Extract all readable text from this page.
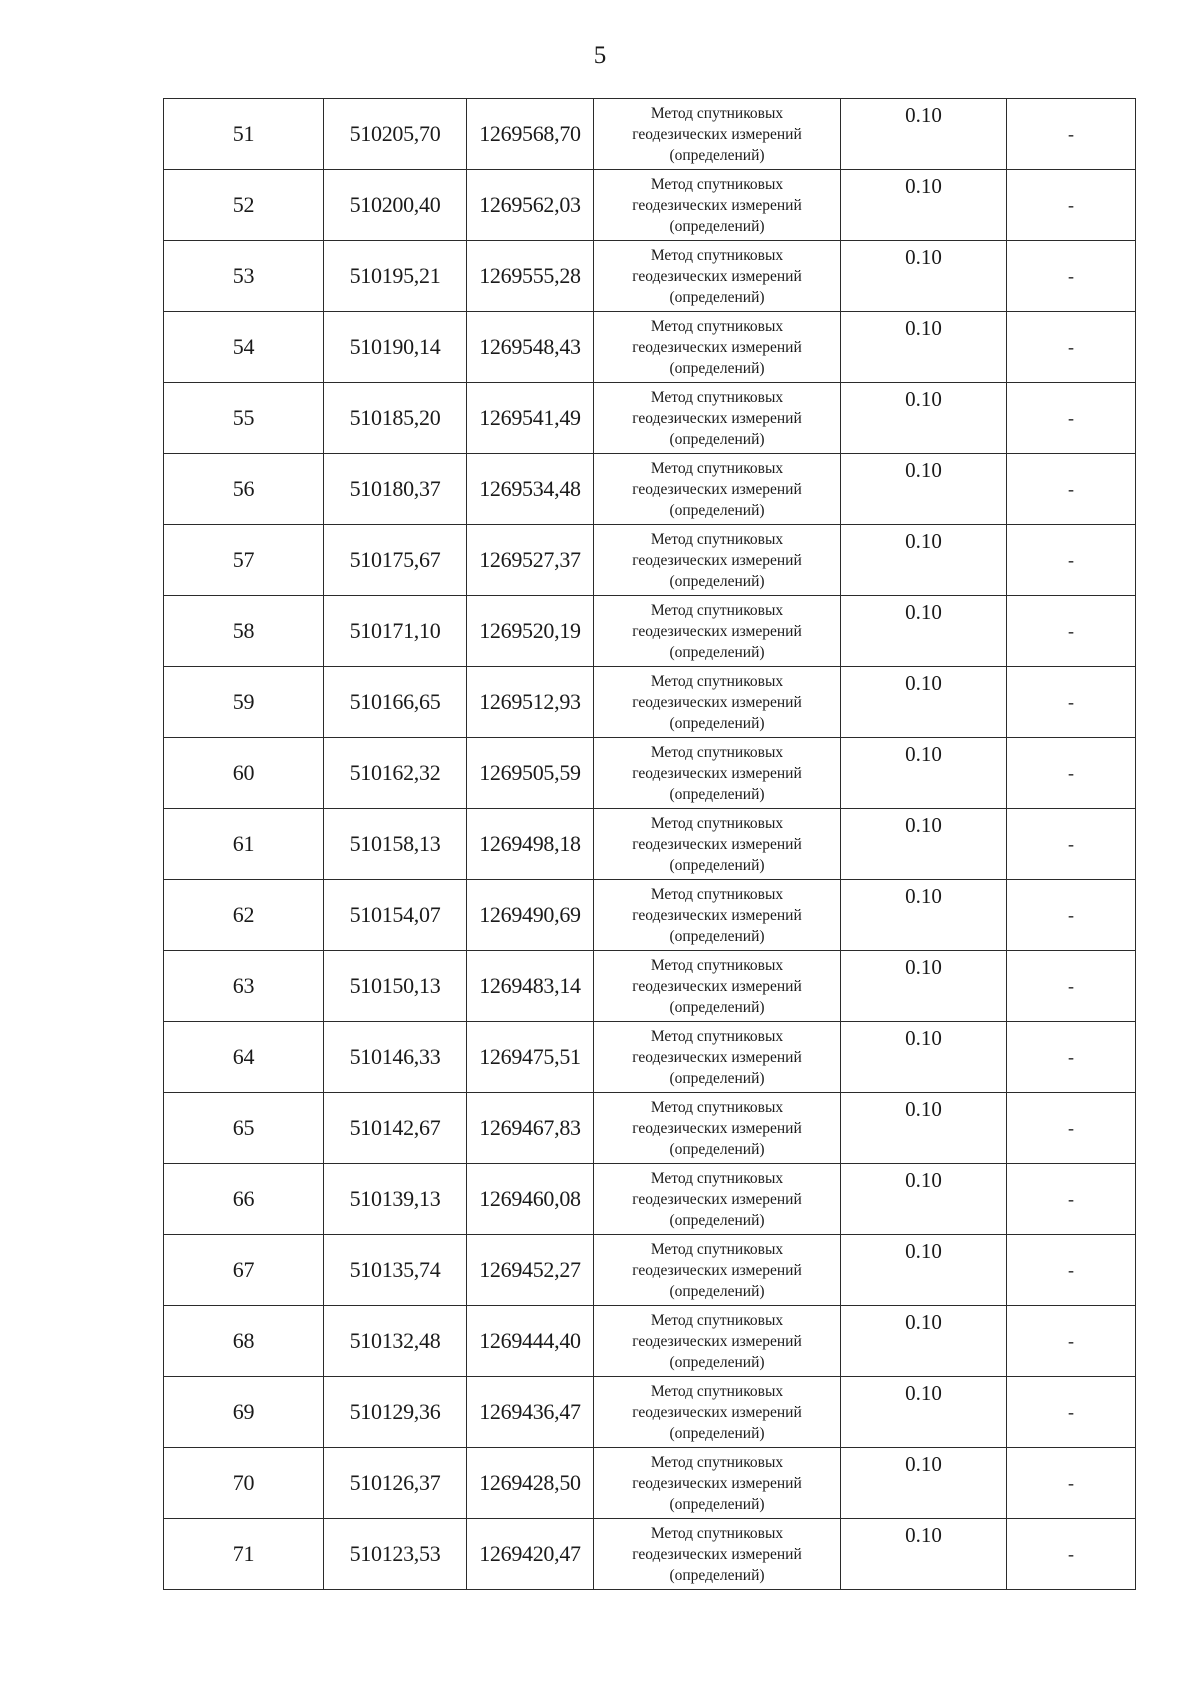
5
51	510205,70	1269568,70	Метод спутниковых
геодезических измерений
(определений)	0.10	-
52	510200,40	1269562,03	Метод спутниковых
геодезических измерений
(определений)	0.10	-
53	510195,21	1269555,28	Метод спутниковых
геодезических измерений
(определений)	0.10	-
54	510190,14	1269548,43	Метод спутниковых
геодезических измерений
(определений)	0.10	-
55	510185,20	1269541,49	Метод спутниковых
геодезических измерений
(определений)	0.10	-
56	510180,37	1269534,48	Метод спутниковых
геодезических измерений
(определений)	0.10	-
57	510175,67	1269527,37	Метод спутниковых
геодезических измерений
(определений)	0.10	-
58	510171,10	1269520,19	Метод спутниковых
геодезических измерений
(определений)	0.10	-
59	510166,65	1269512,93	Метод спутниковых
геодезических измерений
(определений)	0.10	-
60	510162,32	1269505,59	Метод спутниковых
геодезических измерений
(определений)	0.10	-
61	510158,13	1269498,18	Метод спутниковых
геодезических измерений
(определений)	0.10	-
62	510154,07	1269490,69	Метод спутниковых
геодезических измерений
(определений)	0.10	-
63	510150,13	1269483,14	Метод спутниковых
геодезических измерений
(определений)	0.10	-
64	510146,33	1269475,51	Метод спутниковых
геодезических измерений
(определений)	0.10	-
65	510142,67	1269467,83	Метод спутниковых
геодезических измерений
(определений)	0.10	-
66	510139,13	1269460,08	Метод спутниковых
геодезических измерений
(определений)	0.10	-
67	510135,74	1269452,27	Метод спутниковых
геодезических измерений
(определений)	0.10	-
68	510132,48	1269444,40	Метод спутниковых
геодезических измерений
(определений)	0.10	-
69	510129,36	1269436,47	Метод спутниковых
геодезических измерений
(определений)	0.10	-
70	510126,37	1269428,50	Метод спутниковых
геодезических измерений
(определений)	0.10	-
71	510123,53	1269420,47	Метод спутниковых
геодезических измерений
(определений)	0.10	-
